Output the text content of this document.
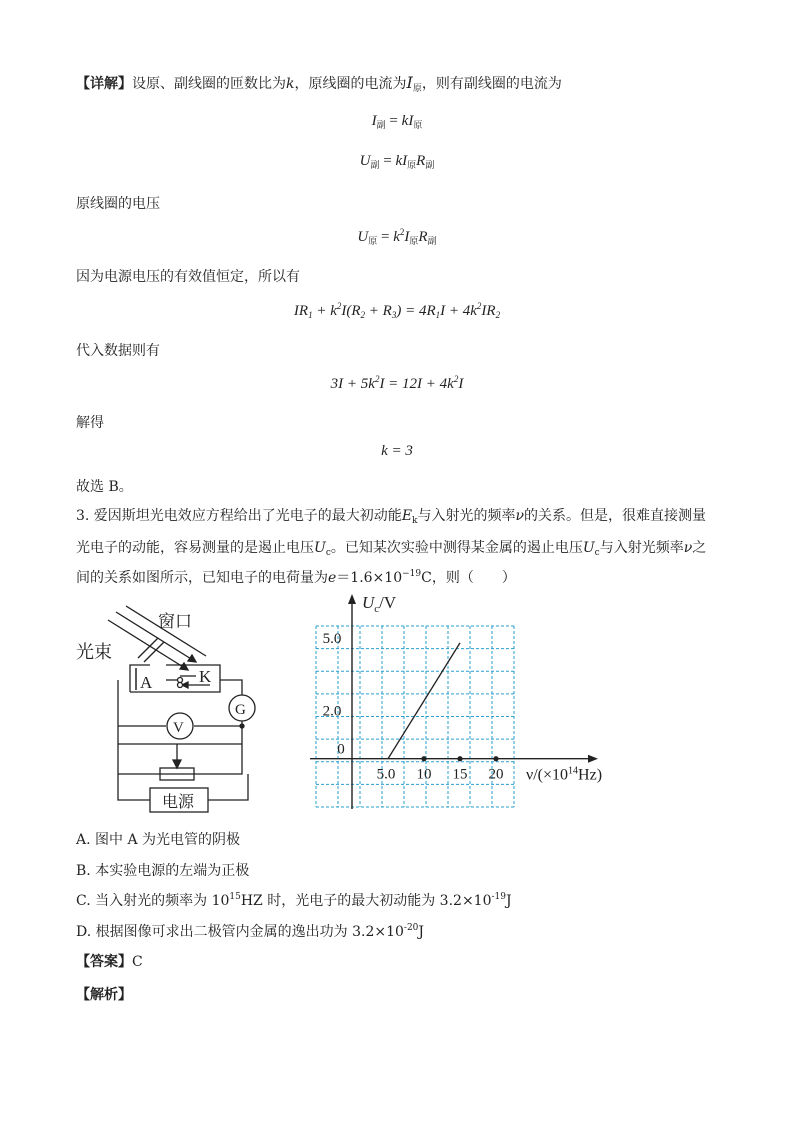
【详解】设原、副线圈的匝数比为k，原线圈的电流为$I_原$，则有副线圈的电流为
$I_副 = kI_原$
$U_副 = kI_原R_副$
原线圈的电压
$U_原 = k^2I_原R_副$
因为电源电压的有效值恒定，所以有
$IR_1 + k^2I(R_2 + R_3) = 4R_1I + 4k^2IR_2$
代入数据则有
$3I + 5k^2I = 12I + 4k^2I$
解得
k = 3
故选 B。
3. 爱因斯坦光电效应方程给出了光电子的最大初动能$E_k$与入射光的频率ν的关系。但是，很难直接测量
光电子的动能，容易测量的是遏止电压$U_c$。已知某次实验中测得某金属的遏止电压$U_c$与入射光频率ν之
间的关系如图所示，已知电子的电荷量为$e=1.6\times 10^{-19}C$，则（　　）
窗口
光束
A	K
G
V
电源
5.0 10 15 20
5.0
2.0
0
$U_c/V$
$\nu/(\times 10^{14}Hz)$
A. 图中 A 为光电管的阴极
B. 本实验电源的左端为正极
C. 当入射光的频率为 $10^{15}HZ$ 时，光电子的最大初动能为 $3.2\times 10^{-19}J$
D. 根据图像可求出二极管内金属的逸出功为 $3.2\times 10^{-20}J$
【答案】C
【解析】
